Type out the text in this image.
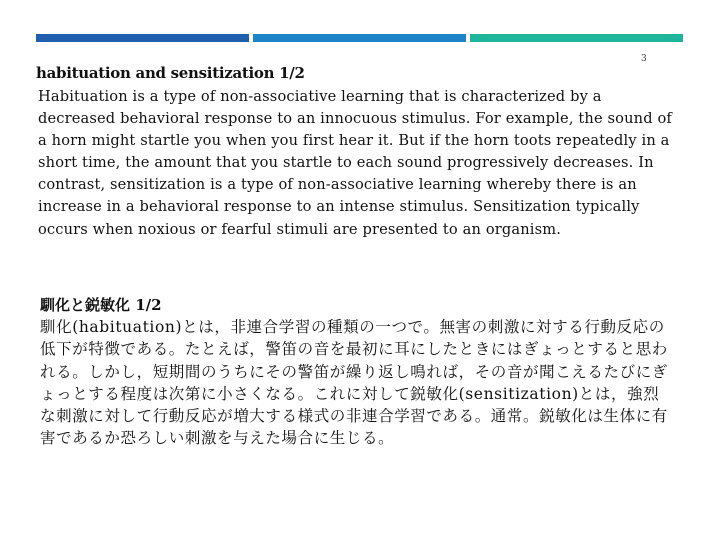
3
habituation and sensitization 1/2

Habituation is a type of non-associative learning that is characterized by a decreased behavioral response to an innocuous stimulus. For example, the sound of a horn might startle you when you first hear it. But if the horn toots repeatedly in a short time, the amount that you startle to each sound progressively decreases. In contrast, sensitization is a type of non-associative learning whereby there is an increase in a behavioral response to an intense stimulus. Sensitization typically occurs when noxious or fearful stimuli are presented to an organism.

馴化と鋭敏化 1/2

馴化(habituation)とは，非連合学習の種類の一つで。無害の刺激に対する行動反応の低下が特徴である。たとえば，警笛の音を最初に耳にしたときにはぎょっとすると思われる。しかし，短期間のうちにその警笛が繰り返し鳴れば，その音が聞こえるたびにぎょっとする程度は次第に小さくなる。これに対して鋭敏化(sensitization)とは，強烈な刺激に対して行動反応が増大する様式の非連合学習である。通常。鋭敏化は生体に有害であるか恐ろしい刺激を与えた場合に生じる。
